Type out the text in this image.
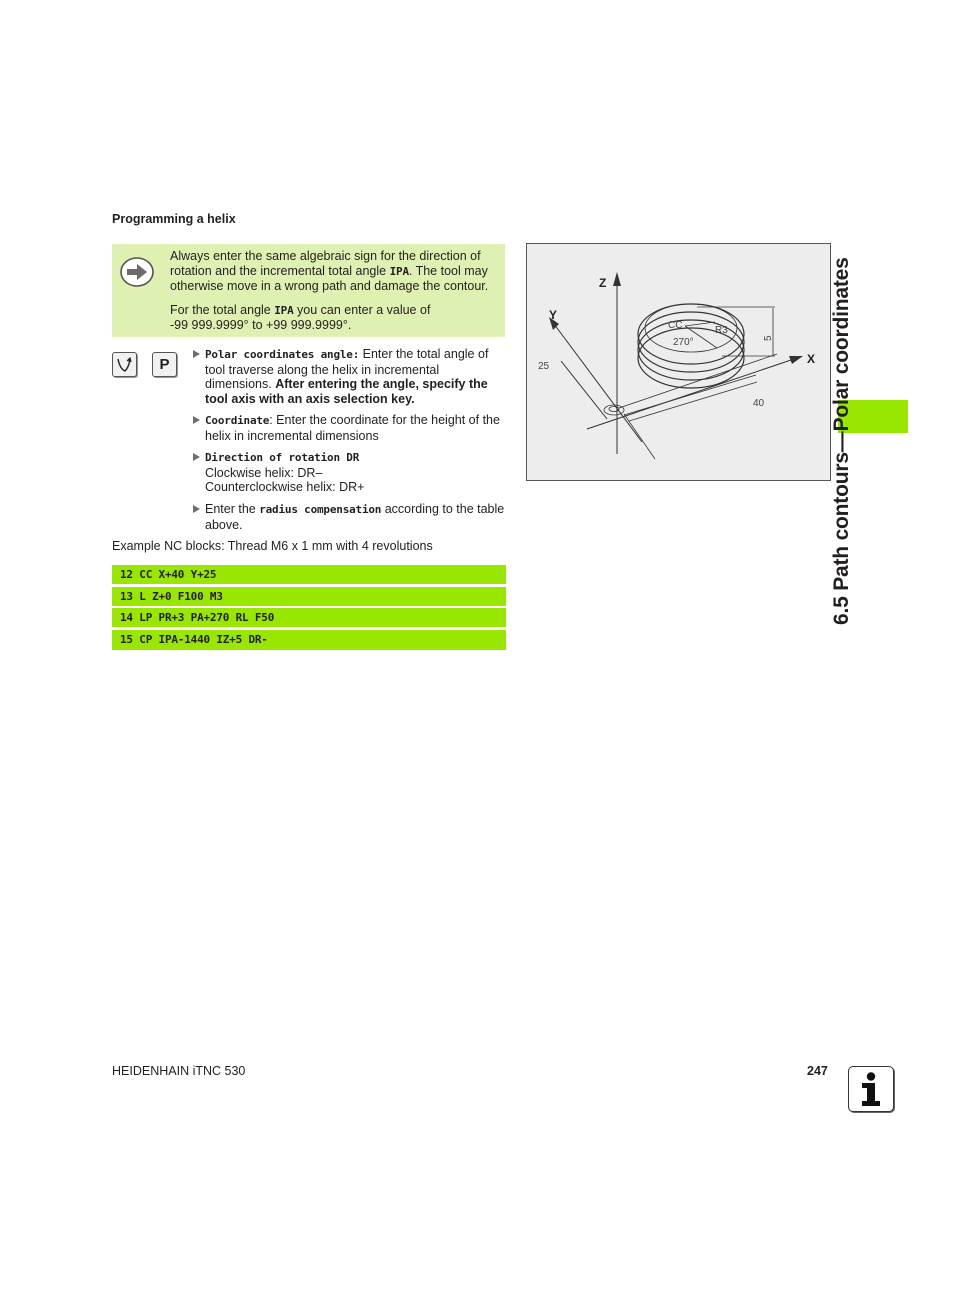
Programming a helix

Always enter the same algebraic sign for the direction of rotation and the incremental total angle IPA. The tool may otherwise move in a wrong path and damage the contour.

For the total angle IPA you can enter a value of
-99 999.9999° to +99 999.9999°.

c	P
Polar coordinates angle: Enter the total angle of tool traverse along the helix in incremental dimensions. After entering the angle, specify the tool axis with an axis selection key.
Coordinate: Enter the coordinate for the height of the helix in incremental dimensions
Direction of rotation DR
Clockwise helix: DR–
Counterclockwise helix: DR+
Enter the radius compensation according to the table above.
Example NC blocks: Thread M6 x 1 mm with 4 revolutions
12 CC X+40 Y+25
13 L Z+0 F100 M3
14 LP PR+3 PA+270 RL F50
15 CP IPA-1440 IZ+5 DR-
Z
Y
X
CC	R3
270°	5
25
40	6.5 Path contours—Polar coordinates
HEIDENHAIN iTNC 530	247
